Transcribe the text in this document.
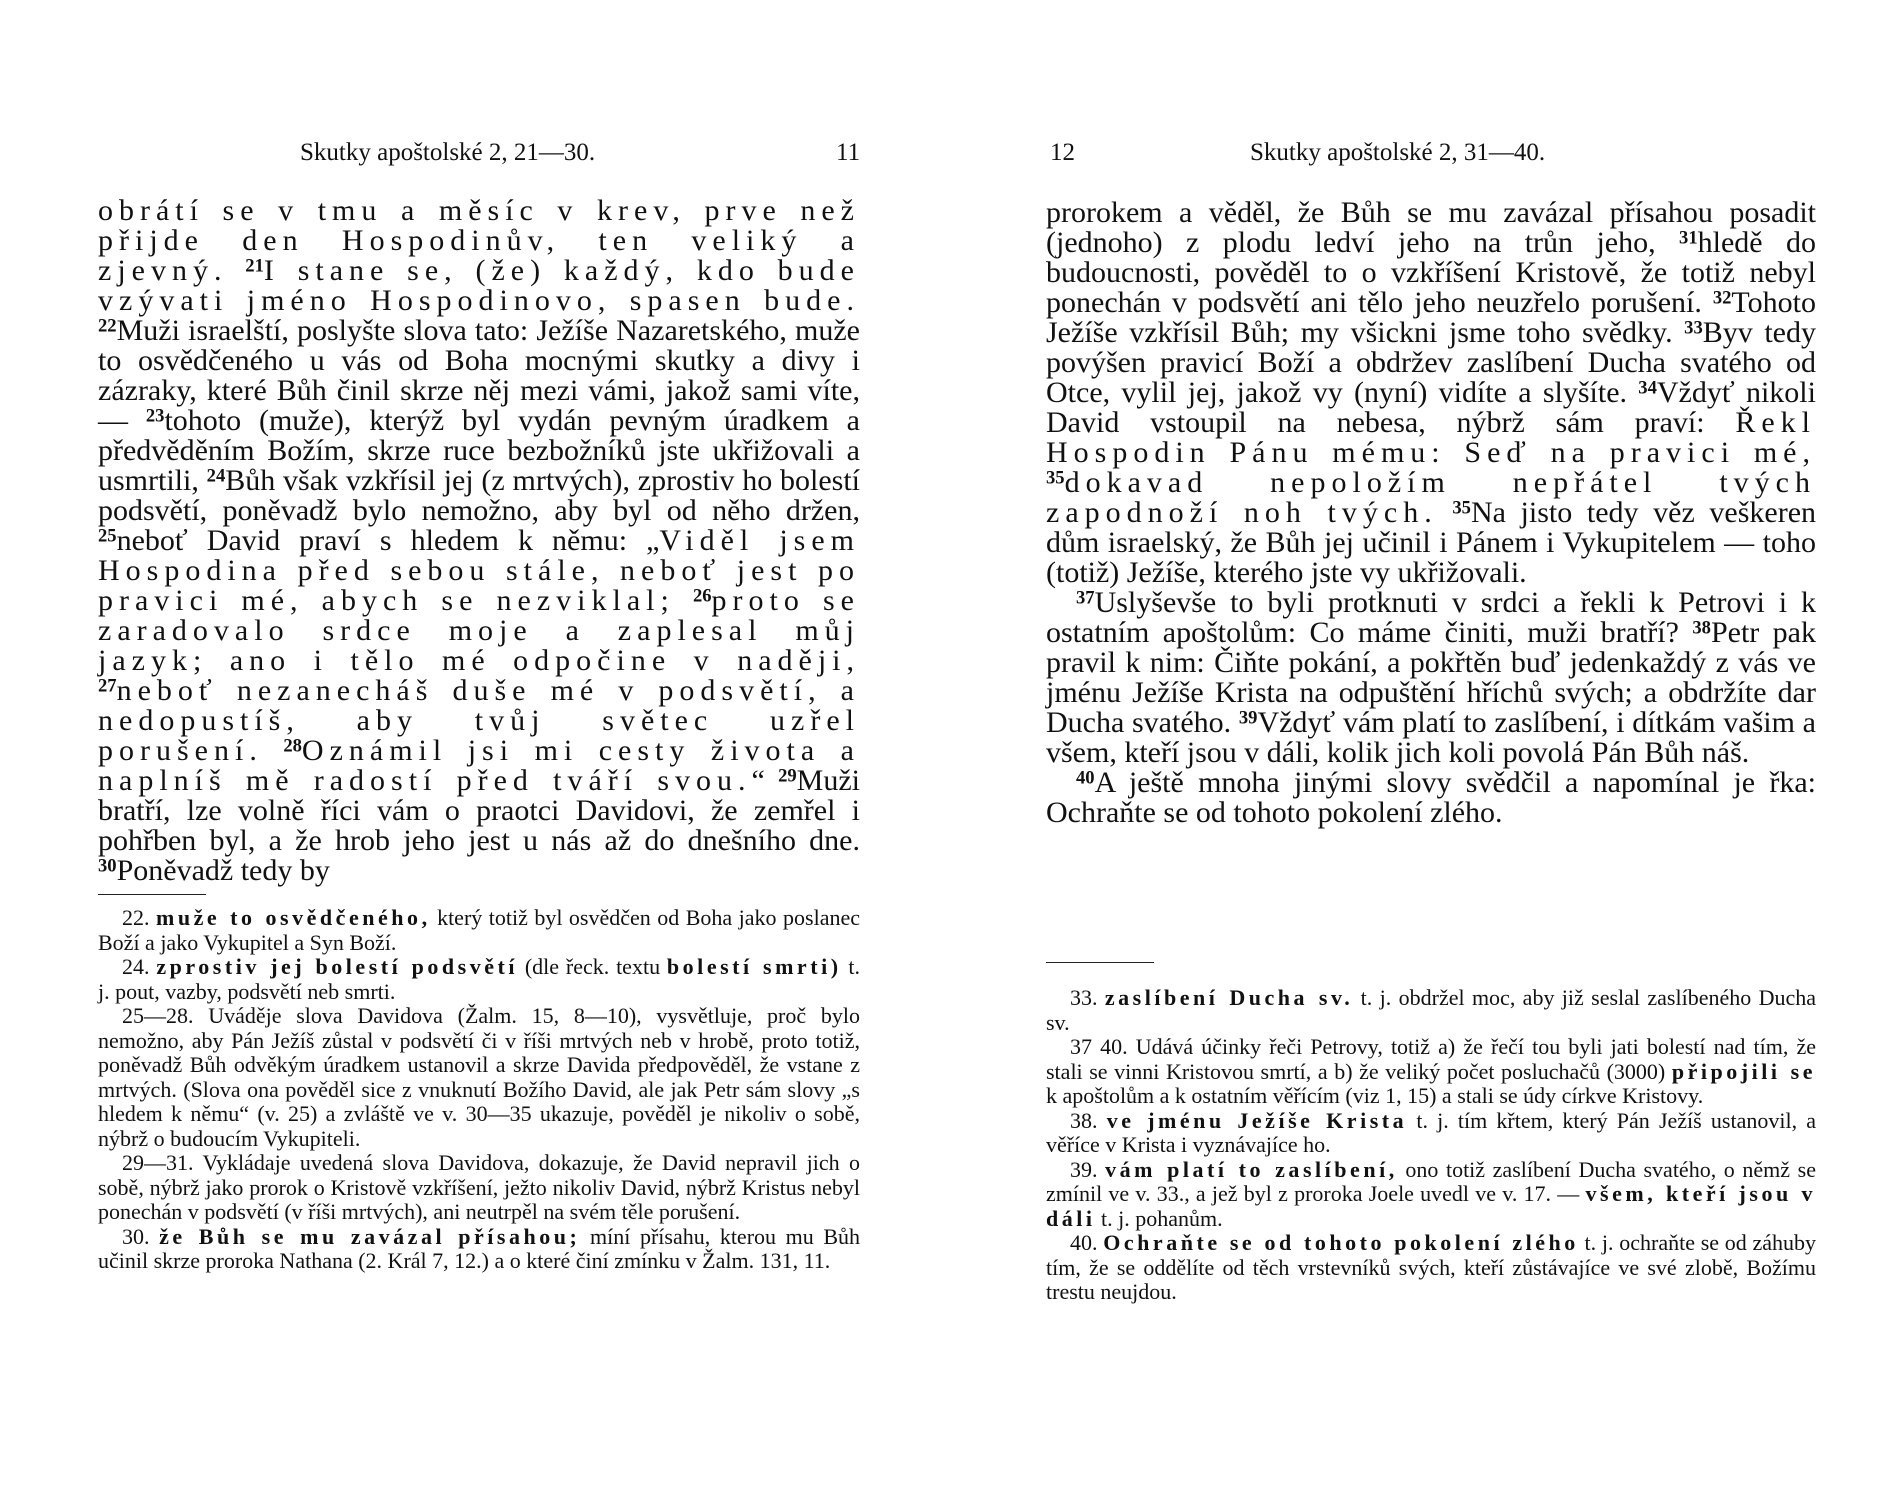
Skutky apoštolské 2, 21—30.	11	12	Skutky apoštolské 2, 31—40.

obrátí se v tmu a měsíc v krev, prve než přijde den Hospodinův, ten veliký a zjevný. $^{21}$I stane se, (že) každý, kdo bude vzývati jméno Hospodinovo, spasen bude. $^{22}$Muži israelští, poslyšte slova tato: Ježíše Nazaretského, muže to osvědčeného u vás od Boha mocnými skutky a divy i zázraky, které Bůh činil skrze něj mezi vámi, jakož sami víte, — $^{23}$tohoto (muže), kterýž byl vydán pevným úradkem a předvěděním Božím, skrze ruce bezbožníků jste ukřižovali a usmrtili, $^{24}$Bůh však vzkřísil jej (z mrtvých), zprostiv ho bolestí podsvětí, poněvadž bylo nemožno, aby byl od něho držen, $^{25}$neboť David praví s hledem k němu: „Viděl jsem Hospodina před sebou stále, neboť jest po pravici mé, abych se nezviklal; $^{26}$proto se zaradovalo srdce moje a zaplesal můj jazyk; ano i tělo mé odpočine v naději, $^{27}$neboť nezanecháš duše mé v podsvětí, a nedopustíš, aby tvůj světec uzřel porušení. $^{28}$Oznámil jsi mi cesty života a naplníš mě radostí před tváří svou.“ $^{29}$Muži bratří, lze volně říci vám o praotci Davidovi, že zemřel i pohřben byl, a že hrob jeho jest u nás až do dnešního dne. $^{30}$Poněvadž tedy by

22. muže to osvědčeného, který totiž byl osvědčen od Boha jako poslanec Boží a jako Vykupitel a Syn Boží.

24. zprostiv jej bolestí podsvětí (dle řeck. textu bolestí smrti) t. j. pout, vazby, podsvětí neb smrti.

25—28. Uváděje slova Davidova (Žalm. 15, 8—10), vysvětluje, proč bylo nemožno, aby Pán Ježíš zůstal v podsvětí či v říši mrtvých neb v hrobě, proto totiž, poněvadž Bůh odvěkým úradkem ustanovil a skrze Davida předpověděl, že vstane z mrtvých. (Slova ona pověděl sice z vnuknutí Božího David, ale jak Petr sám slovy „s hledem k němu“ (v. 25) a zvláště ve v. 30—35 ukazuje, pověděl je nikoliv o sobě, nýbrž o budoucím Vykupiteli.

29—31. Vykládaje uvedená slova Davidova, dokazuje, že David nepravil jich o sobě, nýbrž jako prorok o Kristově vzkříšení, ježto nikoliv David, nýbrž Kristus nebyl ponechán v podsvětí (v říši mrtvých), ani neutrpěl na svém těle porušení.

30. že Bůh se mu zavázal přísahou; míní přísahu, kterou mu Bůh učinil skrze proroka Nathana (2. Král 7, 12.) a o které činí zmínku v Žalm. 131, 11.

prorokem a věděl, že Bůh se mu zavázal přísahou posadit (jednoho) z plodu ledví jeho na trůn jeho, $^{31}$hledě do budoucnosti, pověděl to o vzkříšení Kristově, že totiž nebyl ponechán v podsvětí ani tělo jeho neuzřelo porušení. $^{32}$Tohoto Ježíše vzkřísil Bůh; my všickni jsme toho svědky. $^{33}$Byv tedy povýšen pravicí Boží a obdržev zaslíbení Ducha svatého od Otce, vylil jej, jakož vy (nyní) vidíte a slyšíte. $^{34}$Vždyť nikoli David vstoupil na nebesa, nýbrž sám praví: Řekl Hospodin Pánu mému: Seď na pravici mé, $^{35}$dokavad nepoložím nepřátel tvých zapodnoží noh tvých. $^{35}$Na jisto tedy věz veškeren dům israelský, že Bůh jej učinil i Pánem i Vykupitelem — toho (totiž) Ježíše, kterého jste vy ukřižovali.

$^{37}$Uslyševše to byli protknuti v srdci a řekli k Petrovi i k ostatním apoštolům: Co máme činiti, muži bratří? $^{38}$Petr pak pravil k nim: Čiňte pokání, a pokřtěn buď jedenkaždý z vás ve jménu Ježíše Krista na odpuštění hříchů svých; a obdržíte dar Ducha svatého. $^{39}$Vždyť vám platí to zaslíbení, i dítkám vašim a všem, kteří jsou v dáli, kolik jich koli povolá Pán Bůh náš.

$^{40}$A ještě mnoha jinými slovy svědčil a napomínal je řka: Ochraňte se od tohoto pokolení zlého.

33. zaslíbení Ducha sv. t. j. obdržel moc, aby již seslal zaslíbeného Ducha sv.

37 40. Udává účinky řeči Petrovy, totiž a) že řečí tou byli jati bolestí nad tím, že stali se vinni Kristovou smrtí, a b) že veliký počet posluchačů (3000) připojili se k apoštolům a k ostatním věřícím (viz 1, 15) a stali se údy církve Kristovy.

38. ve jménu Ježíše Krista t. j. tím křtem, který Pán Ježíš ustanovil, a věříce v Krista i vyznávajíce ho.

39. vám platí to zaslíbení, ono totiž zaslíbení Ducha svatého, o němž se zmínil ve v. 33., a jež byl z proroka Joele uvedl ve v. 17. — všem, kteří jsou v dáli t. j. pohanům.

40. Ochraňte se od tohoto pokolení zlého t. j. ochraňte se od záhuby tím, že se oddělíte od těch vrstevníků svých, kteří zůstávajíce ve své zlobě, Božímu trestu neujdou.
